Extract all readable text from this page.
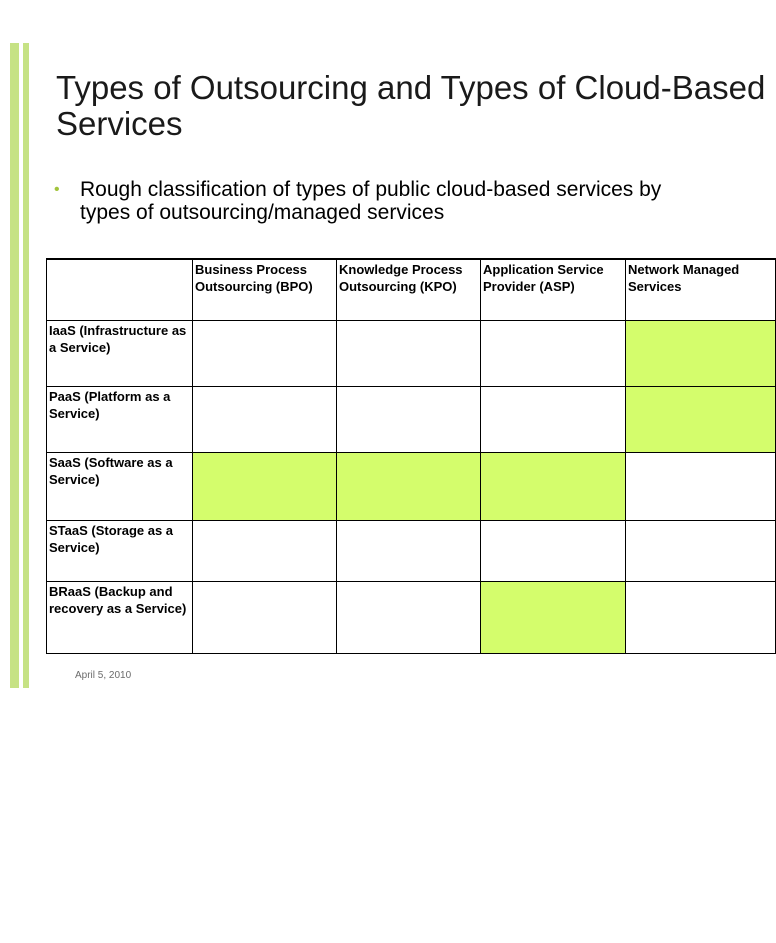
Types of Outsourcing and Types of Cloud-Based
Services
• Rough classification of types of public cloud-based services by
types of outsourcing/managed services
	Business Process Outsourcing (BPO)	Knowledge Process Outsourcing (KPO)	Application Service Provider (ASP)	Network Managed Services
IaaS (Infrastructure as a Service)				
PaaS (Platform as a Service)				
SaaS (Software as a Service)				
STaaS (Storage as a Service)				
BRaaS (Backup and recovery as a Service)				
April 5, 2010
